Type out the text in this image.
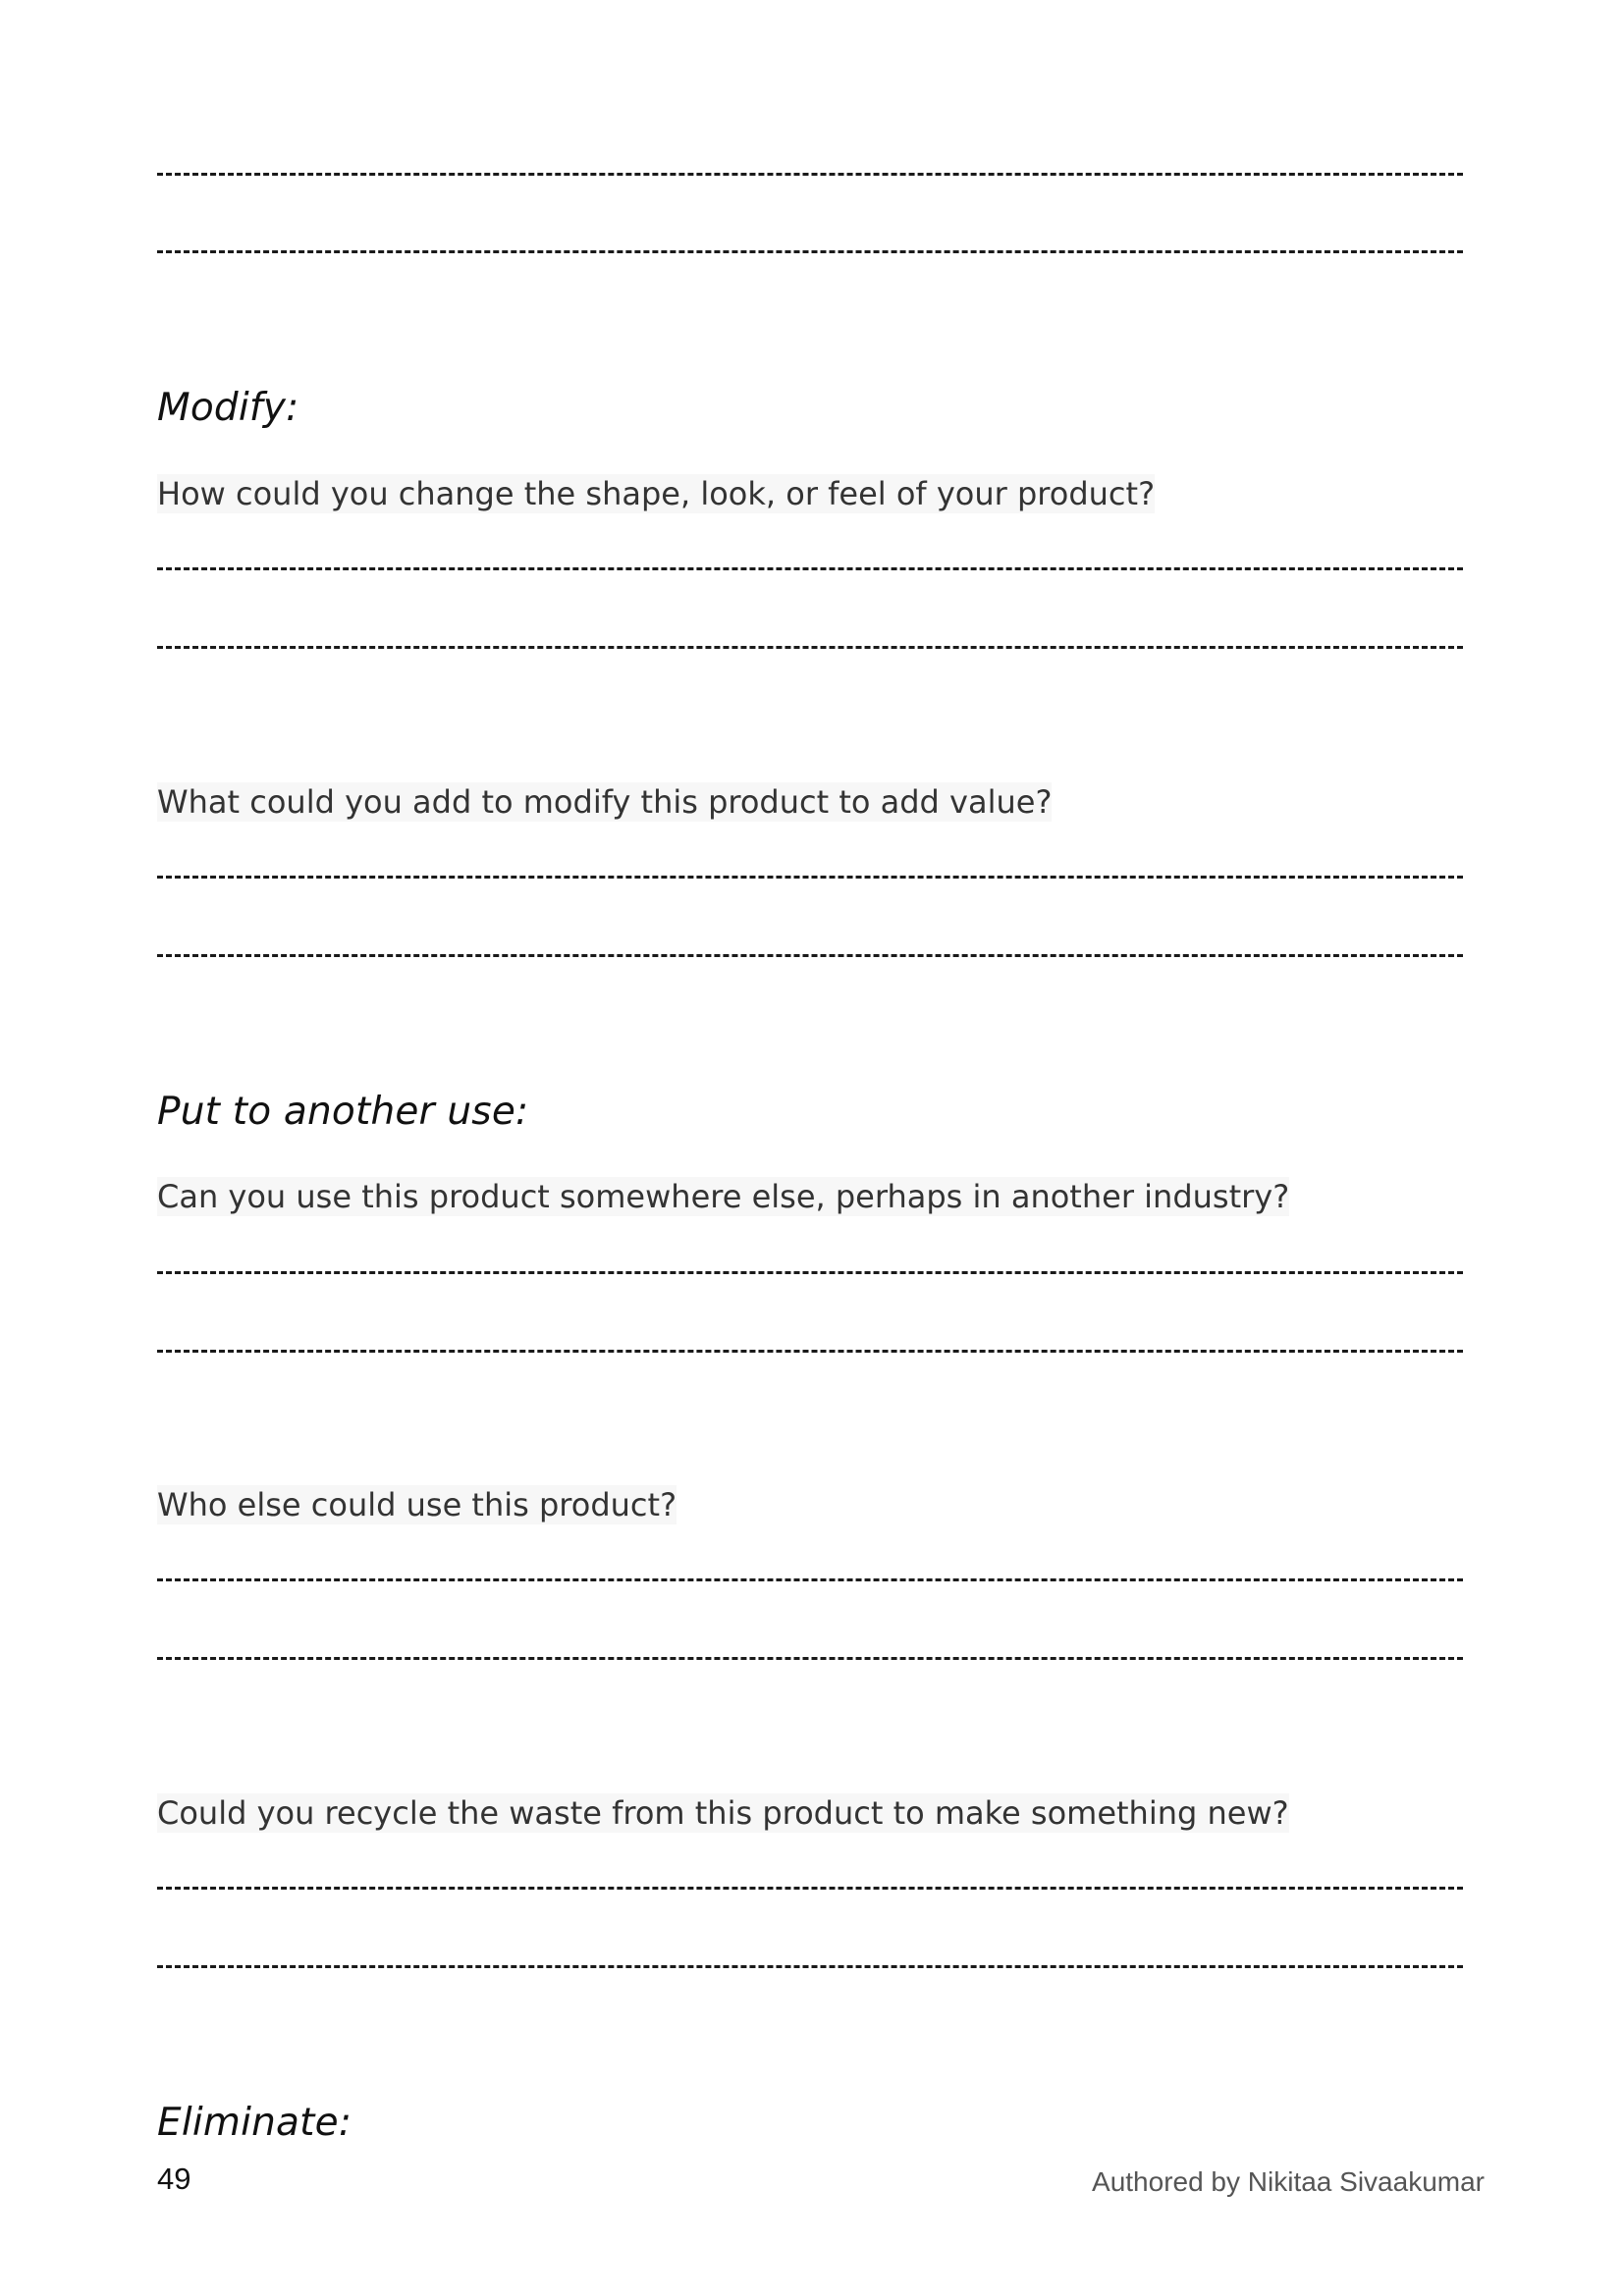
Modify:
How could you change the shape, look, or feel of your product?
What could you add to modify this product to add value?
Put to another use:
Can you use this product somewhere else, perhaps in another industry?
Who else could use this product?
Could you recycle the waste from this product to make something new?
Eliminate:
49	Authored by Nikitaa Sivaakumar
